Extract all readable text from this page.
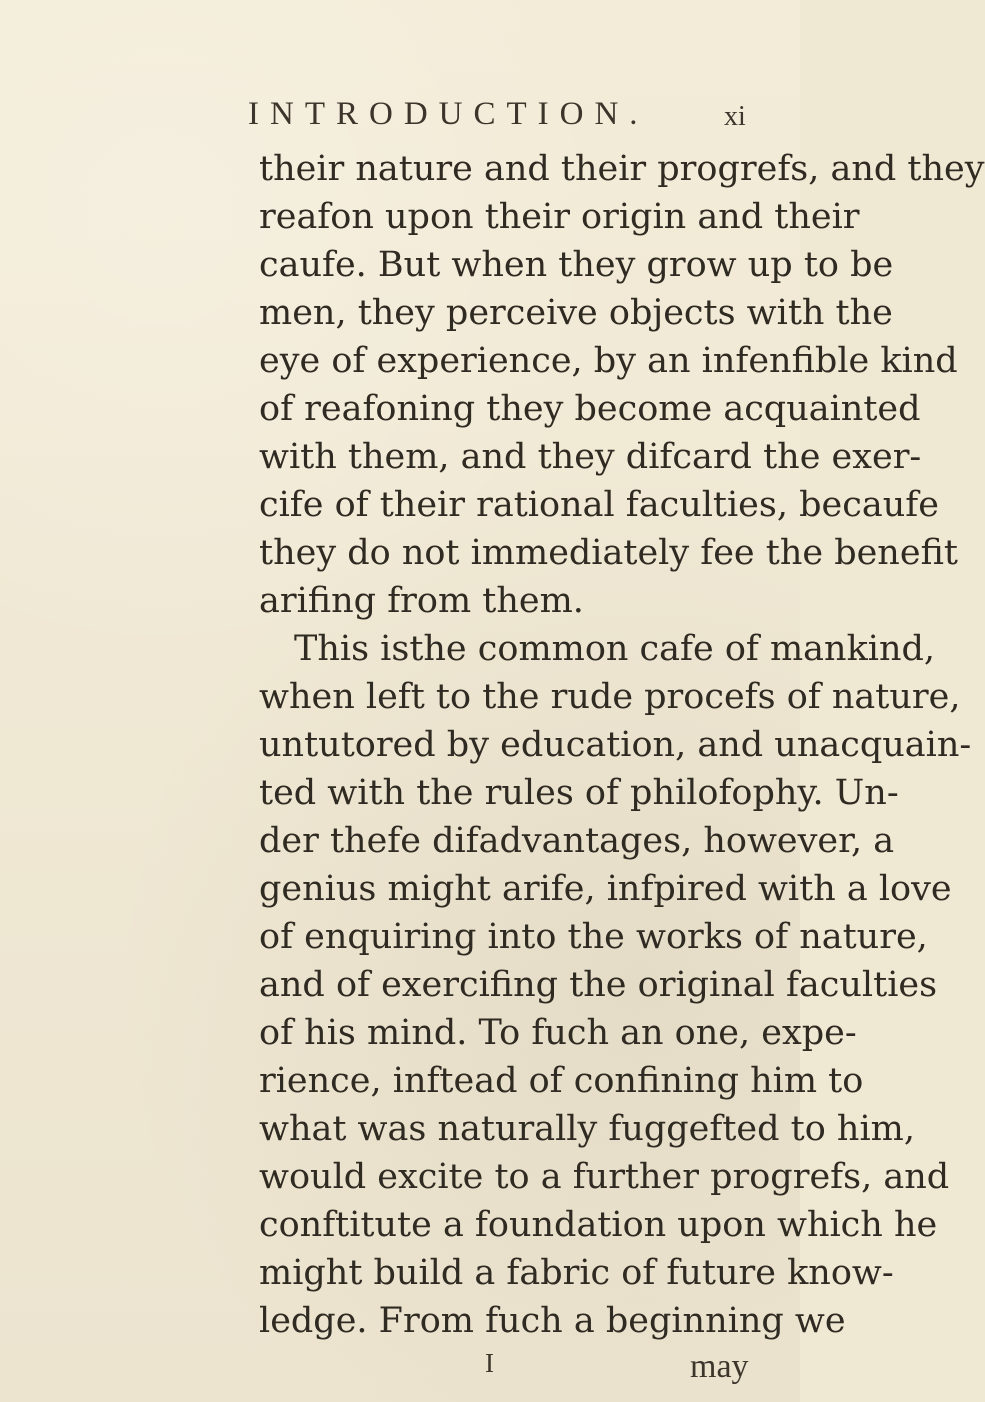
INTRODUCTION.	xi
their nature and their progrefs, and they
reafon upon their origin and their
caufe. But when they grow up to be
men, they perceive objects with the
eye of experience, by an infenfible kind
of reafoning they become acquainted
with them, and they difcard the exer-
cife of their rational faculties, becaufe
they do not immediately fee the benefit
arifing from them.
This isthe common cafe of mankind,
when left to the rude procefs of nature,
untutored by education, and unacquain-
ted with the rules of philofophy. Un-
der thefe difadvantages, however, a
genius might arife, infpired with a love
of enquiring into the works of nature,
and of exercifing the original faculties
of his mind. To fuch an one, expe-
rience, inftead of confining him to
what was naturally fuggefted to him,
would excite to a further progrefs, and
conftitute a foundation upon which he
might build a fabric of future know-
ledge. From fuch a beginning we
I	may
